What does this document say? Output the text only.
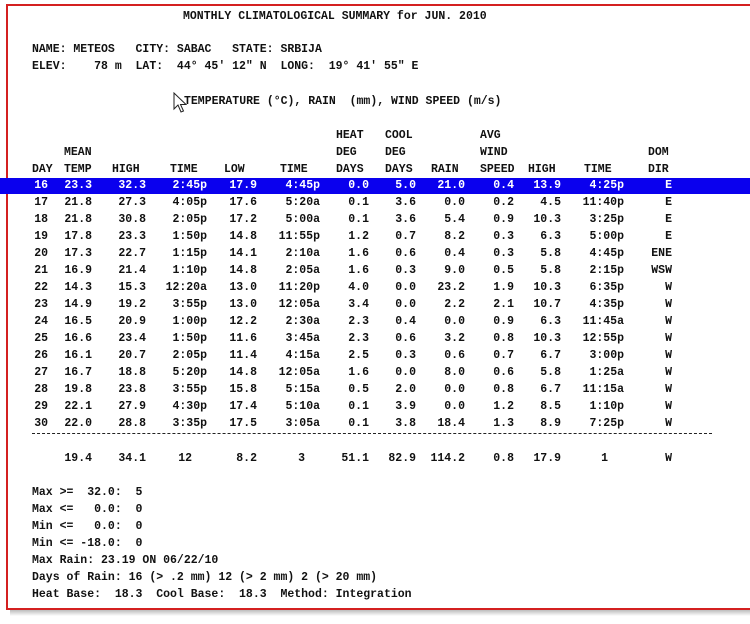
MONTHLY CLIMATOLOGICAL SUMMARY for JUN. 2010
NAME: METEOS   CITY: SABAC   STATE: SRBIJA
ELEV:    78 m  LAT:  44° 45' 12" N  LONG:  19° 41' 55" E
TEMPERATURE (°C), RAIN  (mm), WIND SPEED (m/s)
HEAT COOL	AVG
MEAN	DEG DEG	WIND	DOM
DAY TEMP HIGH	TIME LOW	TIME DAYS DAYS RAIN SPEED HIGH TIME	DIR
16 23.3 32.3 2:45p 17.9 4:45p 0.0 5.0 21.0 0.4 13.9 4:25p	E
17 21.8 27.3 4:05p 17.6 5:20a 0.1 3.6 0.0 0.2 4.5 11:40p	E
18 21.8 30.8 2:05p 17.2 5:00a 0.1 3.6 5.4 0.9 10.3 3:25p	E
19 17.8 23.3 1:50p 14.8 11:55p 1.2 0.7 8.2 0.3 6.3 5:00p	E
20 17.3 22.7 1:15p 14.1 2:10a 1.6 0.6 0.4 0.3 5.8 4:45p ENE
21 16.9 21.4 1:10p 14.8 2:05a 1.6 0.3 9.0 0.5 5.8 2:15p WSW
22 14.3 15.3 12:20a 13.0 11:20p 4.0 0.0 23.2 1.9 10.3 6:35p	W
23 14.9 19.2 3:55p 13.0 12:05a 3.4 0.0 2.2 2.1 10.7 4:35p	W
24 16.5 20.9 1:00p 12.2 2:30a 2.3 0.4 0.0 0.9 6.3 11:45a	W
25 16.6 23.4 1:50p 11.6 3:45a 2.3 0.6 3.2 0.8 10.3 12:55p	W
26 16.1 20.7 2:05p 11.4 4:15a 2.5 0.3 0.6 0.7 6.7 3:00p	W
27 16.7 18.8 5:20p 14.8 12:05a 1.6 0.0 8.0 0.6 5.8 1:25a	W
28 19.8 23.8 3:55p 15.8 5:15a 0.5 2.0 0.0 0.8 6.7 11:15a	W
29 22.1 27.9 4:30p 17.4 5:10a 0.1 3.9 0.0 1.2 8.5 1:10p	W
30 22.0 28.8 3:35p 17.5 3:05a 0.1 3.8 18.4 1.3 8.9 7:25p	W
19.4 34.1	12	8.2	3	51.1 82.9 114.2 0.8 17.9	1	W
Max >=  32.0:  5
Max <=   0.0:  0
Min <=   0.0:  0
Min <= -18.0:  0
Max Rain: 23.19 ON 06/22/10
Days of Rain: 16 (> .2 mm) 12 (> 2 mm) 2 (> 20 mm)
Heat Base:  18.3  Cool Base:  18.3  Method: Integration
